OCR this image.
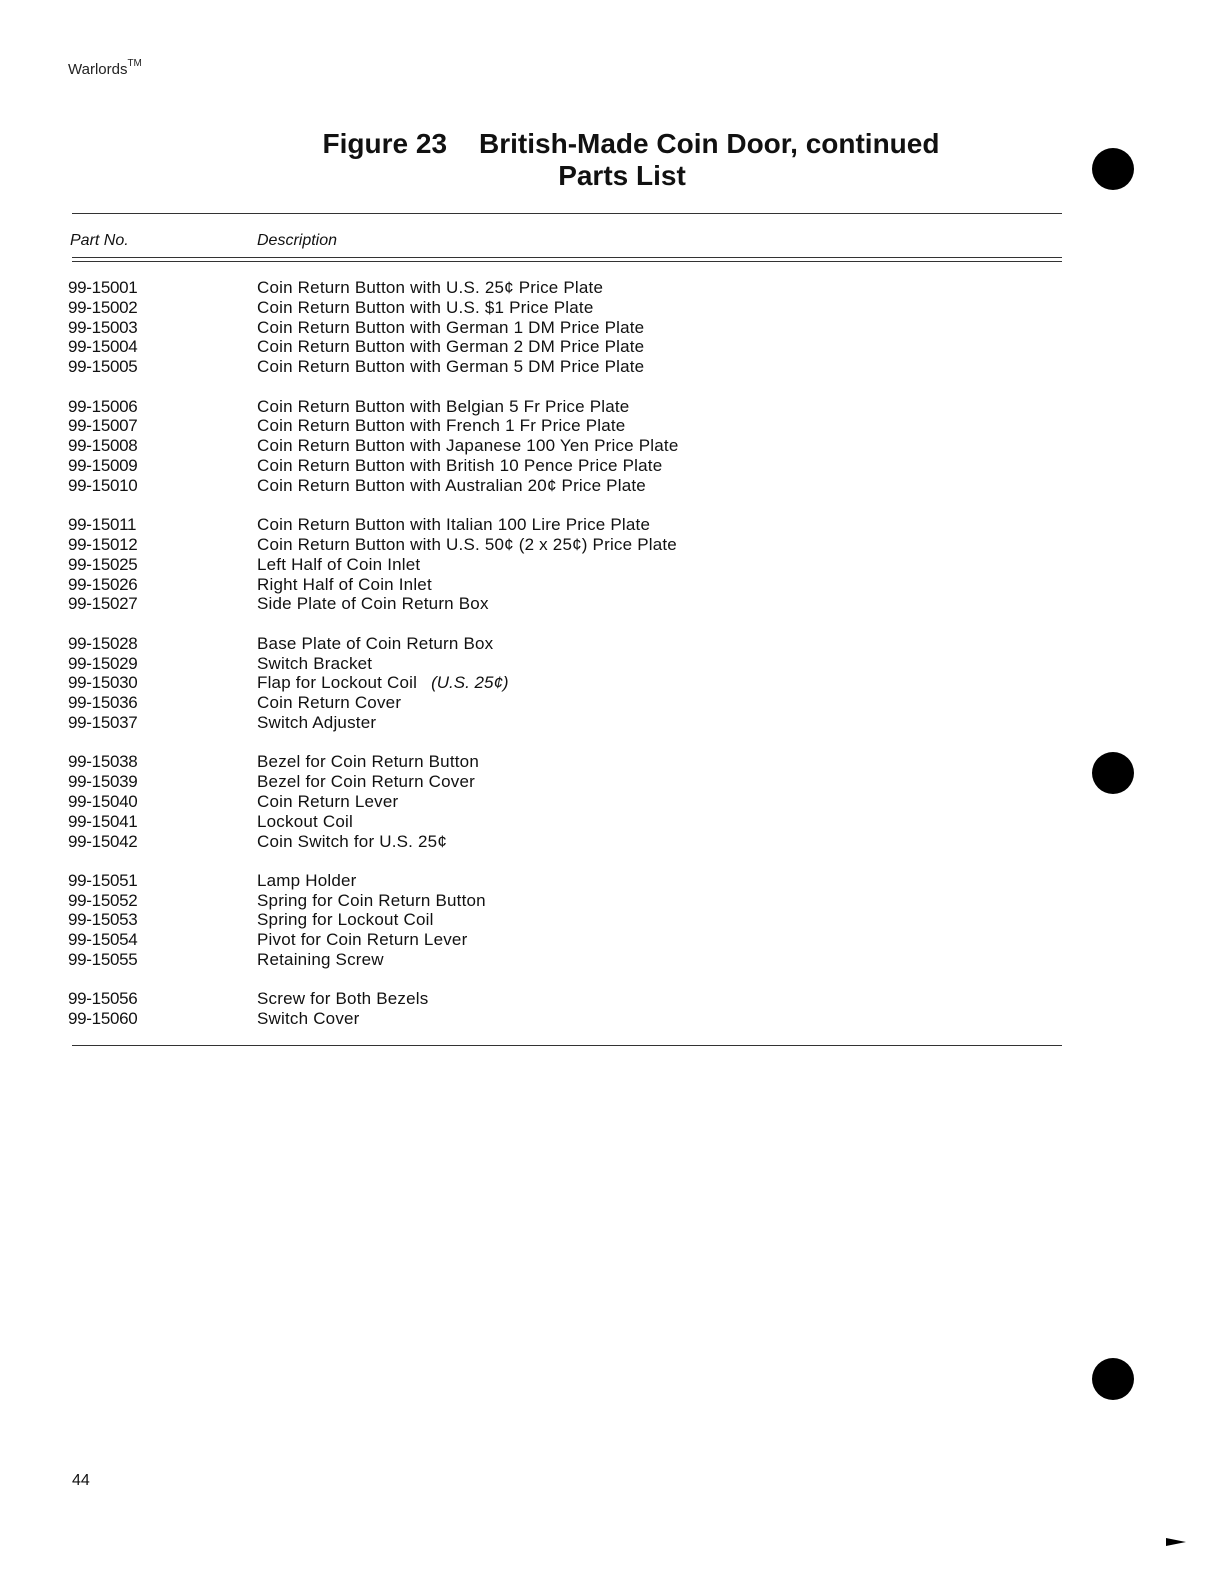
Warlords™
Figure 23 British-Made Coin Door, continued
Parts List
Part No.	Description
99-15001	Coin Return Button with U.S. 25¢ Price Plate
99-15002	Coin Return Button with U.S. $1 Price Plate
99-15003	Coin Return Button with German 1 DM Price Plate
99-15004	Coin Return Button with German 2 DM Price Plate
99-15005	Coin Return Button with German 5 DM Price Plate
99-15006	Coin Return Button with Belgian 5 Fr Price Plate
99-15007	Coin Return Button with French 1 Fr Price Plate
99-15008	Coin Return Button with Japanese 100 Yen Price Plate
99-15009	Coin Return Button with British 10 Pence Price Plate
99-15010	Coin Return Button with Australian 20¢ Price Plate
99-15011	Coin Return Button with Italian 100 Lire Price Plate
99-15012	Coin Return Button with U.S. 50¢ (2 x 25¢) Price Plate
99-15025	Left Half of Coin Inlet
99-15026	Right Half of Coin Inlet
99-15027	Side Plate of Coin Return Box
99-15028	Base Plate of Coin Return Box
99-15029	Switch Bracket
99-15030	Flap for Lockout Coil (U.S. 25¢)
99-15036	Coin Return Cover
99-15037	Switch Adjuster
99-15038	Bezel for Coin Return Button
99-15039	Bezel for Coin Return Cover
99-15040	Coin Return Lever
99-15041	Lockout Coil
99-15042	Coin Switch for U.S. 25¢
99-15051	Lamp Holder
99-15052	Spring for Coin Return Button
99-15053	Spring for Lockout Coil
99-15054	Pivot for Coin Return Lever
99-15055	Retaining Screw
99-15056	Screw for Both Bezels
99-15060	Switch Cover
44
